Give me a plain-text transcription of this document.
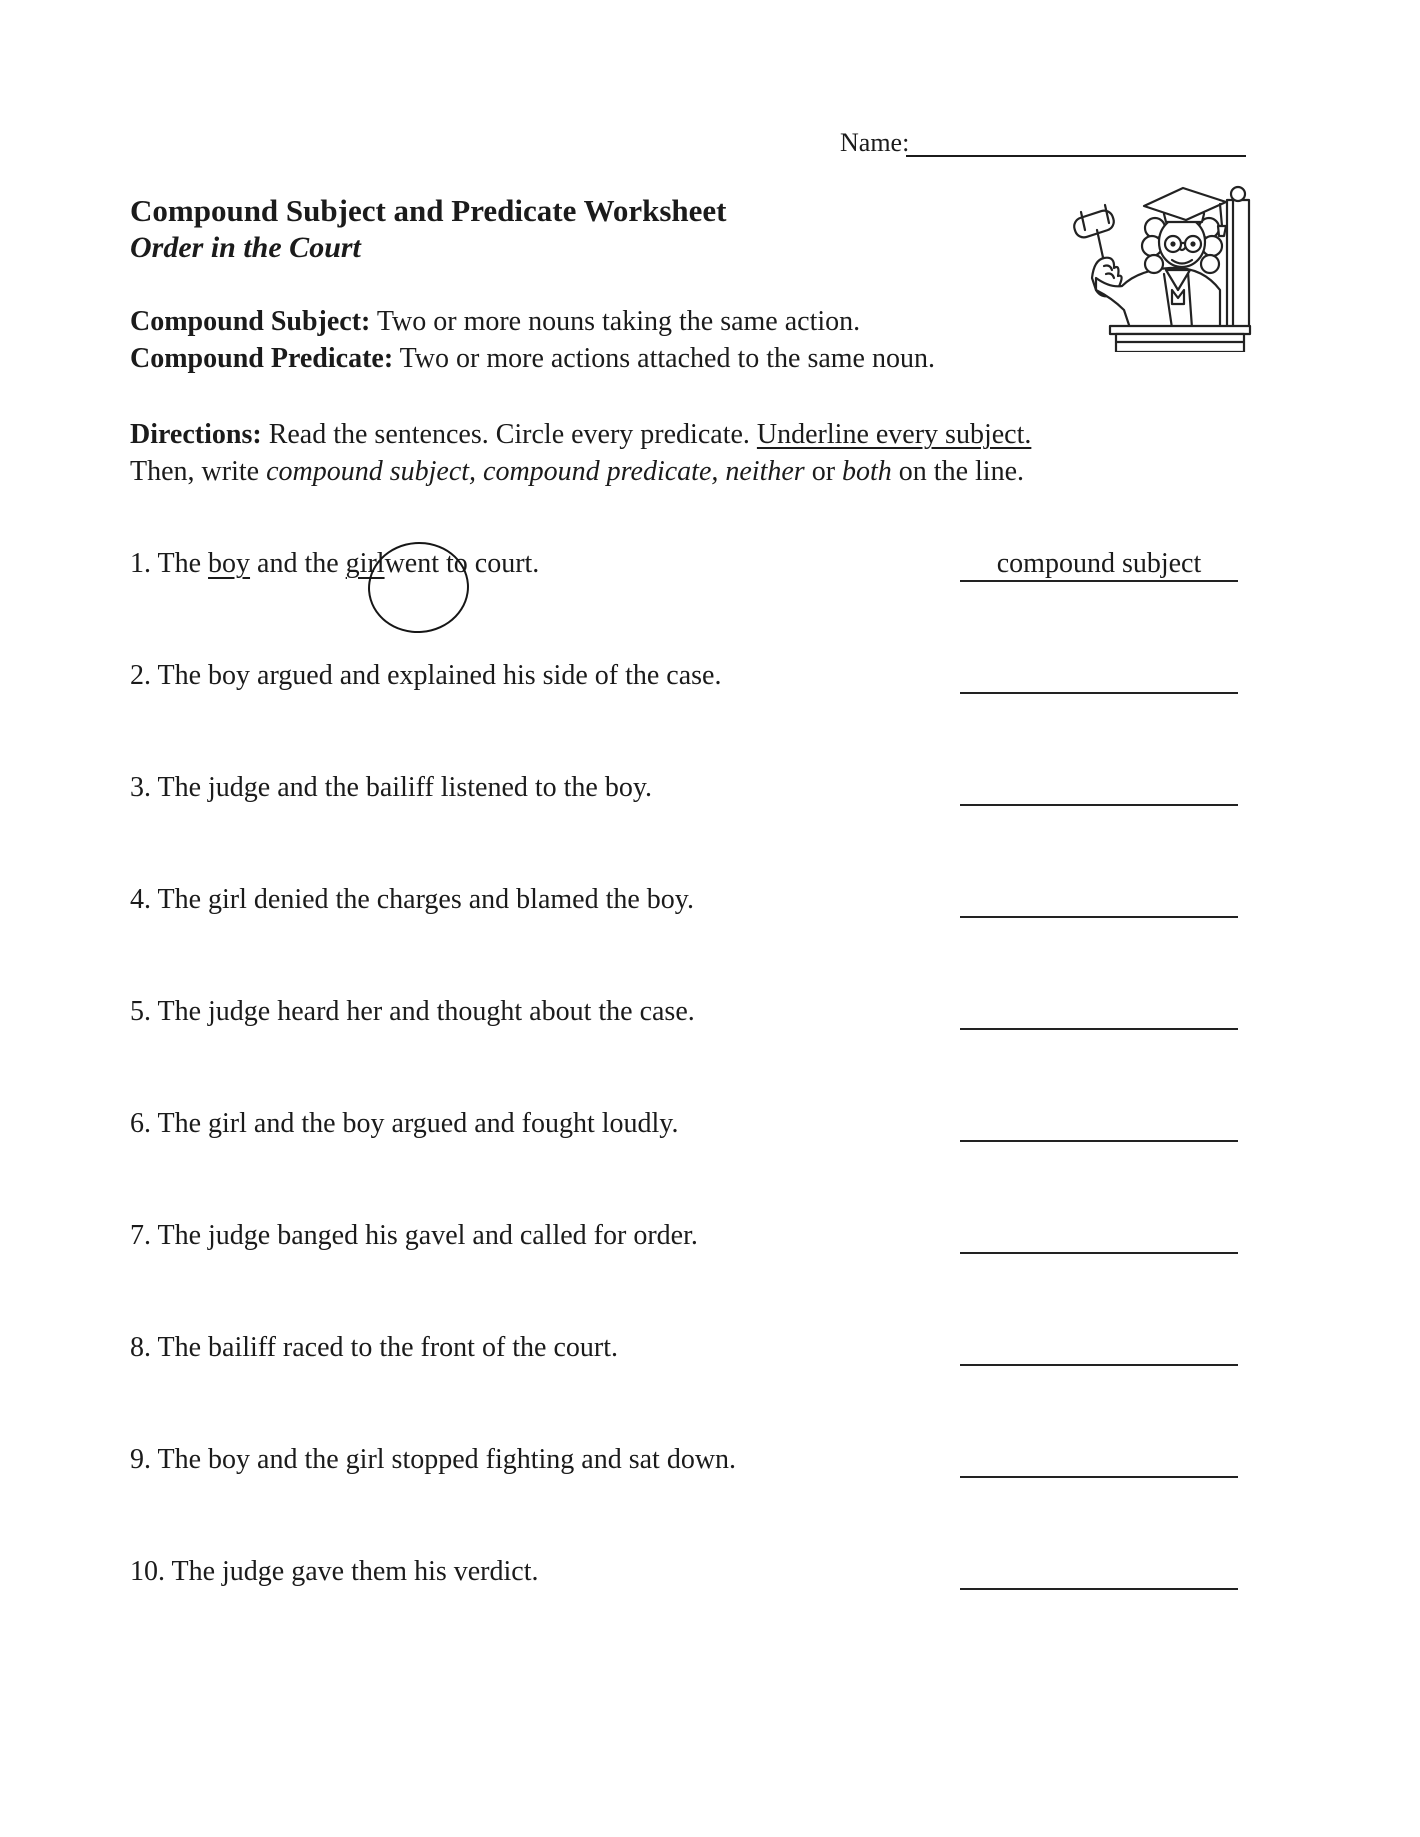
Name:
Compound Subject and Predicate Worksheet
Order in the Court
Compound Subject: Two or more nouns taking the same action.
Compound Predicate: Two or more actions attached to the same noun.
Directions: Read the sentences. Circle every predicate. Underline every subject.
Then, write compound subject, compound predicate, neither or both on the line.
1. The boy and the girl
went to court.	compound subject
2. The boy argued and explained his side of the case.
3. The judge and the bailiff listened to the boy.
4. The girl denied the charges and blamed the boy.
5. The judge heard her and thought about the case.
6. The girl and the boy argued and fought loudly.
7. The judge banged his gavel and called for order.
8. The bailiff raced to the front of the court.
9. The boy and the girl stopped fighting and sat down.
10. The judge gave them his verdict.
